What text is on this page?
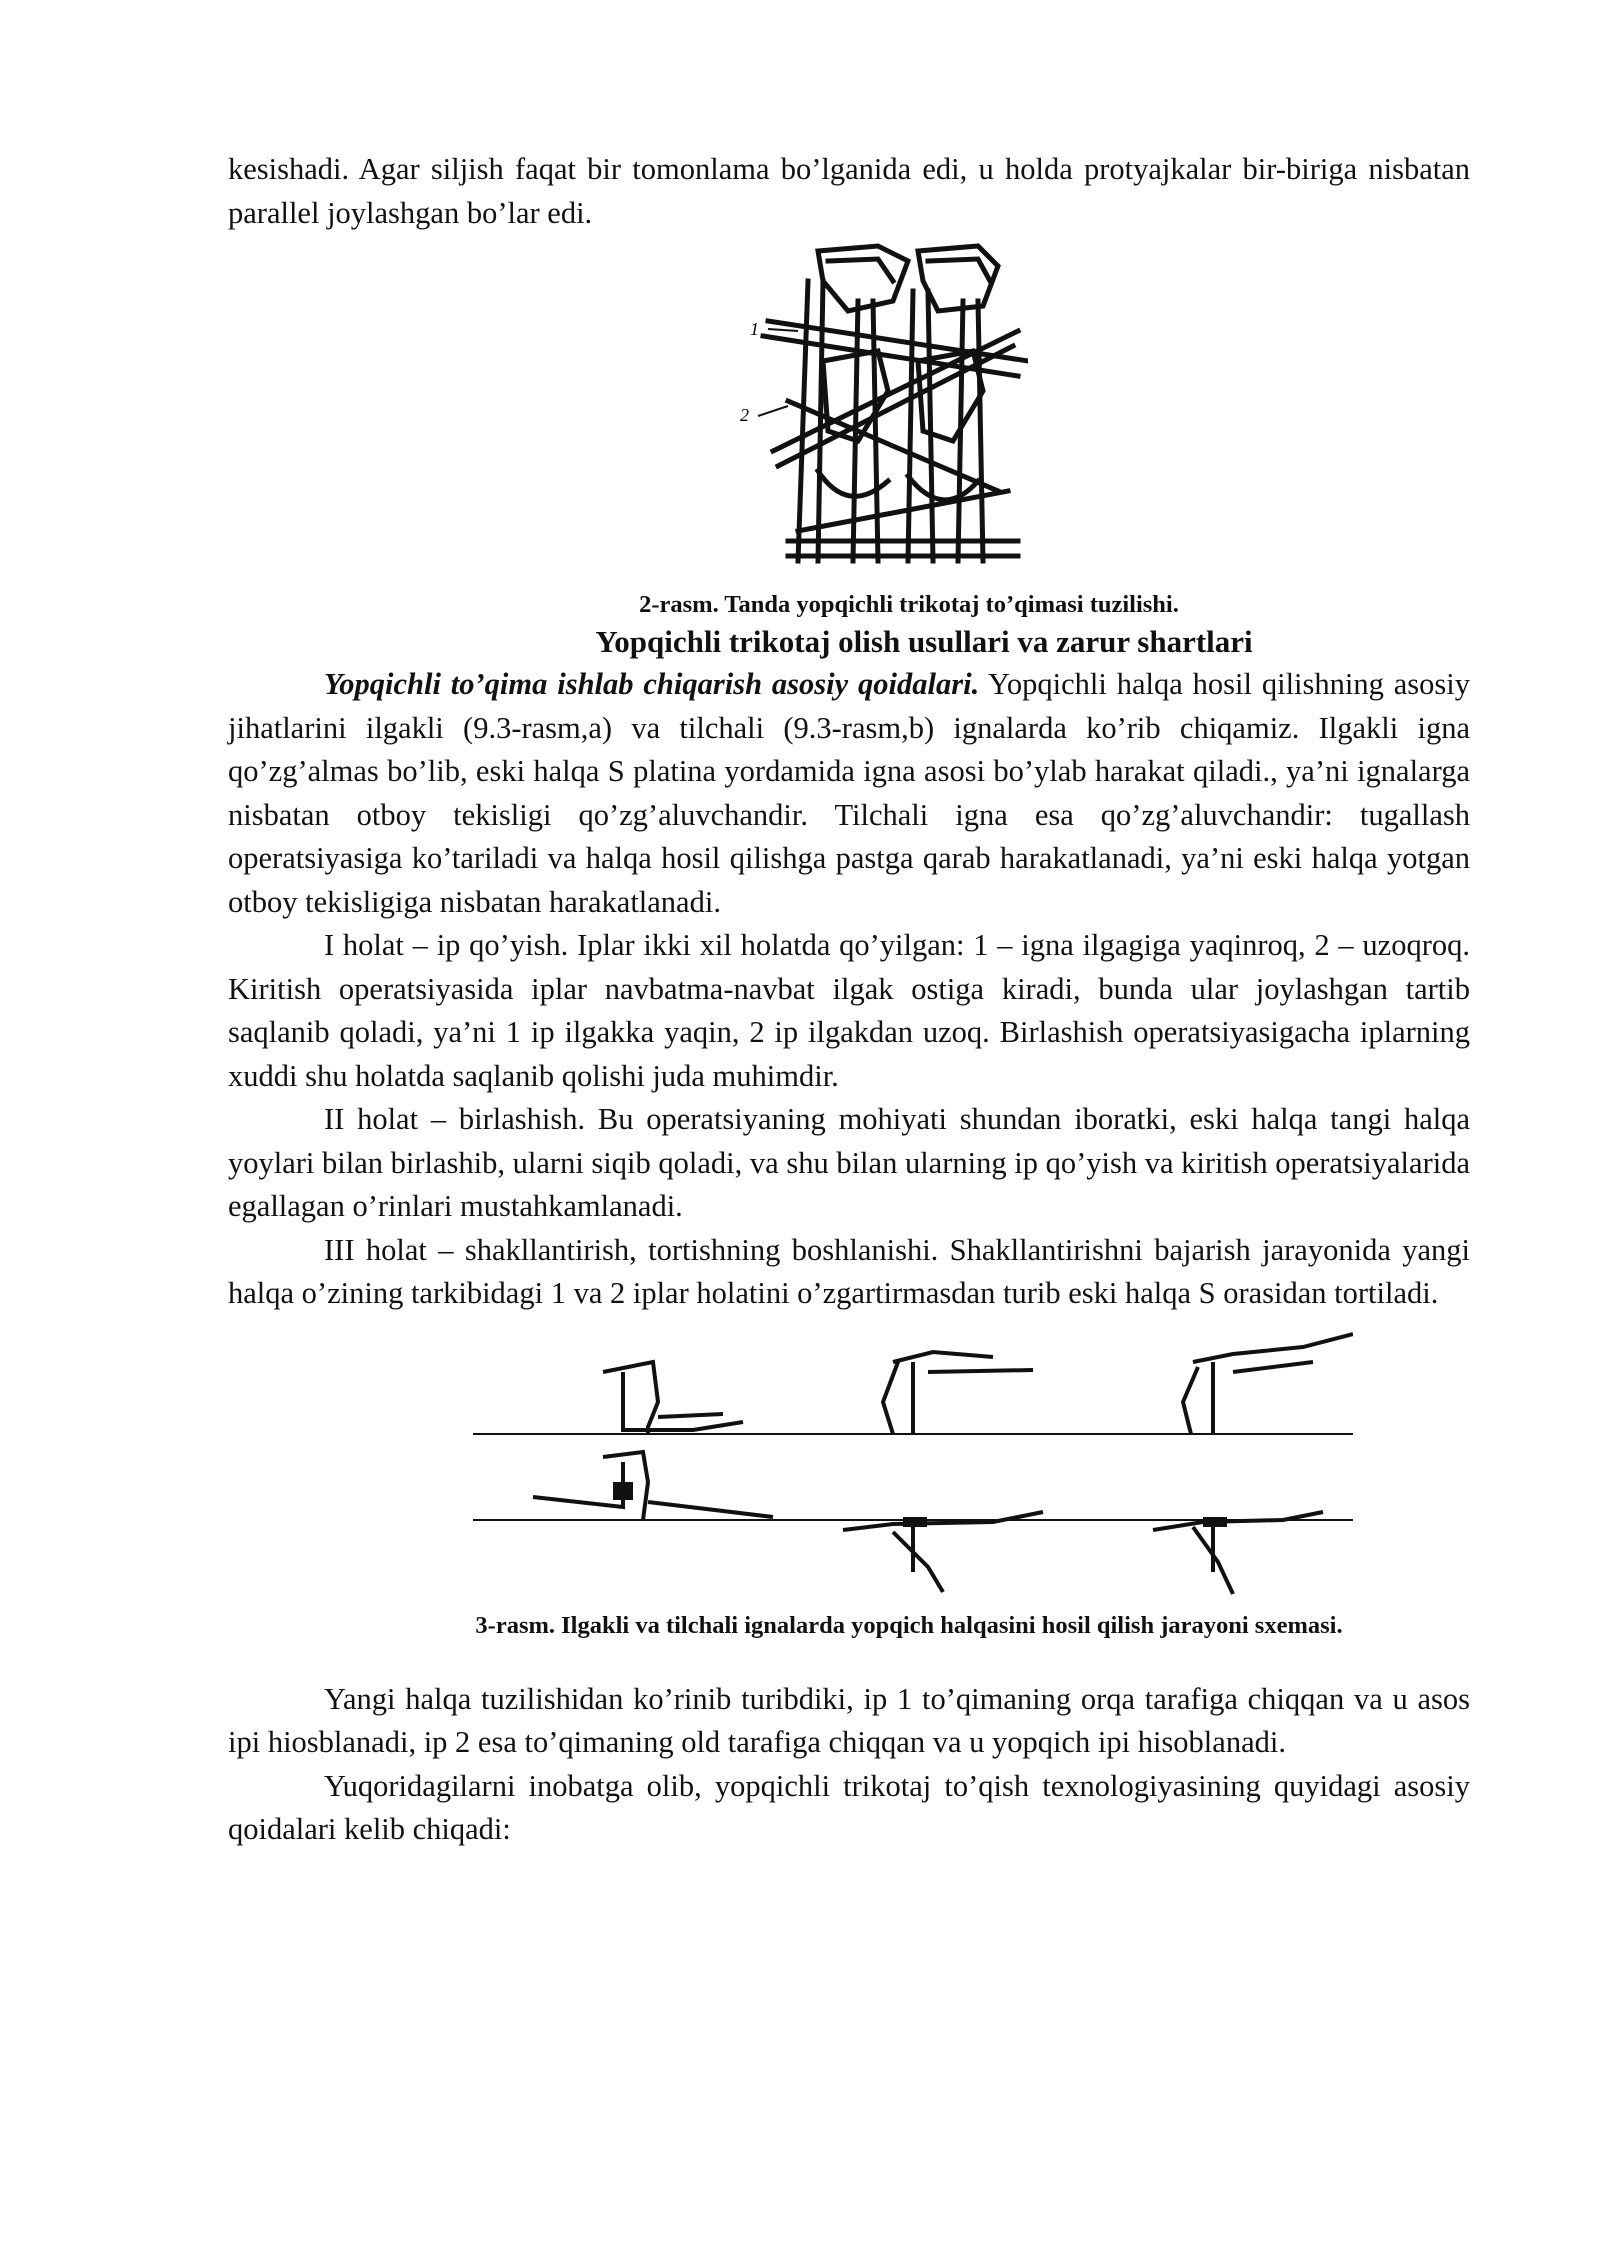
kesishadi. Agar siljish faqat bir tomonlama bo’lganida edi, u holda protyajkalar bir-biriga nisbatan parallel joylashgan bo’lar edi.

1
2
2-rasm. Tanda yopqichli trikotaj to’qimasi tuzilishi.
Yopqichli trikotaj olish usullari va zarur shartlari

Yopqichli to’qima ishlab chiqarish asosiy qoidalari. Yopqichli halqa hosil qilishning asosiy jihatlarini ilgakli (9.3-rasm,a) va tilchali (9.3-rasm,b) ignalarda ko’rib chiqamiz. Ilgakli igna qo’zg’almas bo’lib, eski halqa S platina yordamida igna asosi bo’ylab harakat qiladi., ya’ni ignalarga nisbatan otboy tekisligi qo’zg’aluvchandir. Tilchali igna esa qo’zg’aluvchandir: tugallash operatsiyasiga ko’tariladi va halqa hosil qilishga pastga qarab harakatlanadi, ya’ni eski halqa yotgan otboy tekisligiga nisbatan harakatlanadi.

I holat – ip qo’yish. Iplar ikki xil holatda qo’yilgan: 1 – igna ilgagiga yaqinroq, 2 – uzoqroq. Kiritish operatsiyasida iplar navbatma-navbat ilgak ostiga kiradi, bunda ular joylashgan tartib saqlanib qoladi, ya’ni 1 ip ilgakka yaqin, 2 ip ilgakdan uzoq. Birlashish operatsiyasigacha iplarning xuddi shu holatda saqlanib qolishi juda muhimdir.

II holat – birlashish. Bu operatsiyaning mohiyati shundan iboratki, eski halqa tangi halqa yoylari bilan birlashib, ularni siqib qoladi, va shu bilan ularning ip qo’yish va kiritish operatsiyalarida egallagan o’rinlari mustahkamlanadi.

III holat – shakllantirish, tortishning boshlanishi. Shakllantirishni bajarish jarayonida yangi halqa o’zining tarkibidagi 1 va 2 iplar holatini o’zgartirmasdan turib eski halqa S orasidan tortiladi.

3-rasm. Ilgakli va tilchali ignalarda yopqich halqasini hosil qilish jarayoni sxemasi.

Yangi halqa tuzilishidan ko’rinib turibdiki, ip 1 to’qimaning orqa tarafiga chiqqan va u asos ipi hiosblanadi, ip 2 esa to’qimaning old tarafiga chiqqan va u yopqich ipi hisoblanadi.

Yuqoridagilarni inobatga olib, yopqichli trikotaj to’qish texnologiyasining quyidagi asosiy qoidalari kelib chiqadi:
